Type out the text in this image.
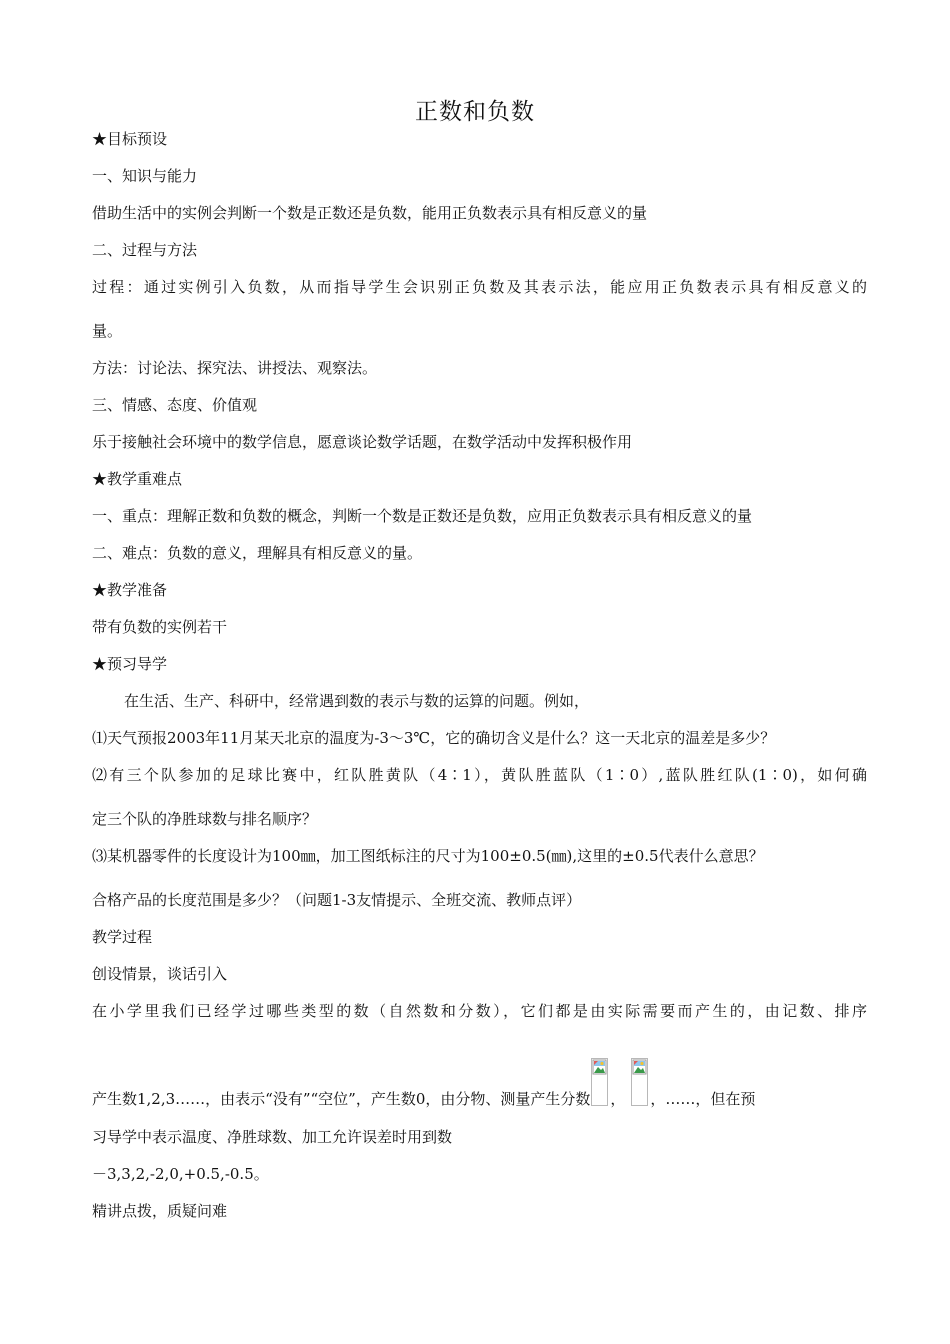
正数和负数
★目标预设
一、知识与能力
借助生活中的实例会判断一个数是正数还是负数，能用正负数表示具有相反意义的量
二、过程与方法
过程：通过实例引入负数，从而指导学生会识别正负数及其表示法，能应用正负数表示具有相反意义的
量。
方法：讨论法、探究法、讲授法、观察法。
三、情感、态度、价值观
乐于接触社会环境中的数学信息，愿意谈论数学话题，在数学活动中发挥积极作用
★教学重难点
一、重点：理解正数和负数的概念，判断一个数是正数还是负数，应用正负数表示具有相反意义的量
二、难点：负数的意义，理解具有相反意义的量。
★教学准备
带有负数的实例若干
★预习导学
在生活、生产、科研中，经常遇到数的表示与数的运算的问题。例如，
⑴天气预报2003年11月某天北京的温度为-3～3℃，它的确切含义是什么？这一天北京的温差是多少？
⑵有三个队参加的足球比赛中，红队胜黄队（4∶1），黄队胜蓝队（1∶0）,蓝队胜红队(1∶0)，如何确
定三个队的净胜球数与排名顺序？
⑶某机器零件的长度设计为100㎜，加工图纸标注的尺寸为100±0.5(㎜),这里的±0.5代表什么意思？
合格产品的长度范围是多少？（问题1-3友情提示、全班交流、教师点评）
教学过程
创设情景，谈话引入
在小学里我们已经学过哪些类型的数（自然数和分数），它们都是由实际需要而产生的，由记数、排序
产生数1,2,3……，由表示“没有”“空位”，产生数0，由分物、测量产生分数 ， ，……，但在预
习导学中表示温度、净胜球数、加工允许误差时用到数
－3,3,2,-2,0,+0.5,-0.5。
精讲点拨，质疑问难
